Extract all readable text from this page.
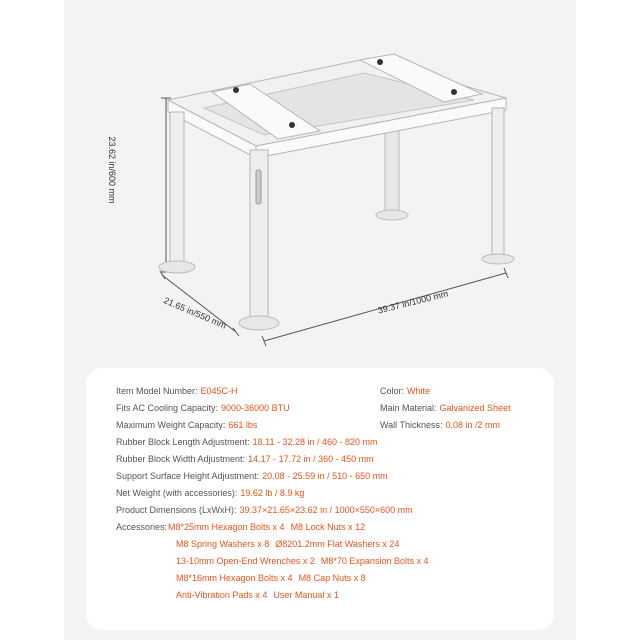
23.62 in/600 mm
21.65 in/550 mm	39.37 in/1000 mm
Item Model Number: E045C-H	Color: White
Fits AC Cooling Capacity: 9000-36000 BTU	Main Material: Galvanized Sheet
Maximum Weight Capacity: 661 lbs	Wall Thickness: 0.08 in /2 mm
Rubber Block Length Adjustment: 18.11 - 32.28 in / 460 - 820 mm
Rubber Block Width Adjustment: 14.17 - 17.72 in / 360 - 450 mm
Support Surface Height Adjustment: 20.08 - 25.59 in / 510 - 650 mm
Net Weight (with accessories): 19.62 lb / 8.9 kg
Product Dimensions (LxWxH): 39.37×21.65×23.62 in / 1000×550×600 mm
Accessories: M8*25mm Hexagon Bolts x 4 M8 Lock Nuts x 12
M8 Spring Washers x 8 Ø8201.2mm Flat Washers x 24
13-10mm Open-End Wrenches x 2 M8*70 Expansion Bolts x 4
M8*16mm Hexagon Bolts x 4 M8 Cap Nuts x 8
Anti-Vibration Pads x 4 User Manual x 1
